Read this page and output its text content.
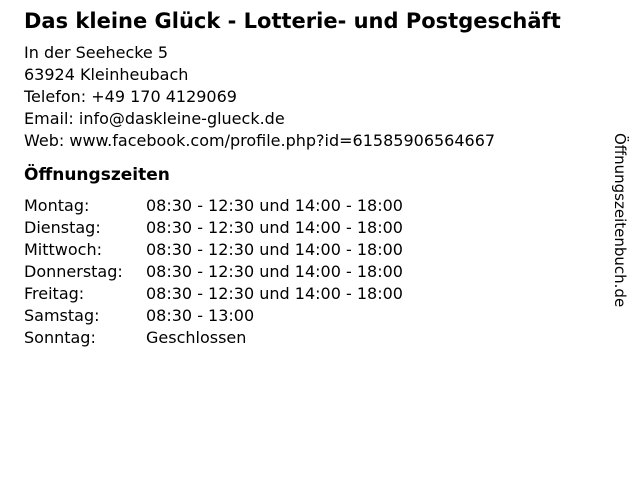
Das kleine Glück - Lotterie- und Postgeschäft
In der Seehecke 5
63924 Kleinheubach
Telefon: +49 170 4129069
Email: info@daskleine-glueck.de
Web: www.facebook.com/profile.php?id=61585906564667
Öffnungszeiten
Montag:	08:30 - 12:30 und 14:00 - 18:00
Dienstag:	08:30 - 12:30 und 14:00 - 18:00
Mittwoch:	08:30 - 12:30 und 14:00 - 18:00
Donnerstag:	08:30 - 12:30 und 14:00 - 18:00
Freitag:	08:30 - 12:30 und 14:00 - 18:00
Samstag:	08:30 - 13:00
Sonntag:	Geschlossen
Öffnungszeitenbuch.de
